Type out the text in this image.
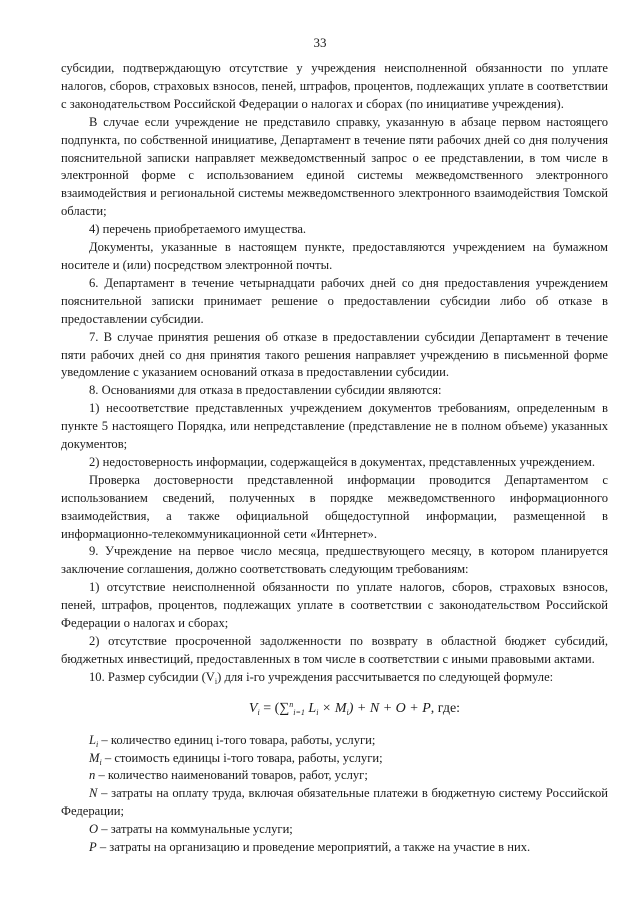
33

субсидии, подтверждающую отсутствие у учреждения неисполненной обязанности по уплате налогов, сборов, страховых взносов, пеней, штрафов, процентов, подлежащих уплате в соответствии с законодательством Российской Федерации о налогах и сборах (по инициативе учреждения).

В случае если учреждение не представило справку, указанную в абзаце первом настоящего подпункта, по собственной инициативе, Департамент в течение пяти рабочих дней со дня получения пояснительной записки направляет межведомственный запрос о ее представлении, в том числе в электронной форме с использованием единой системы межведомственного электронного взаимодействия и региональной системы межведомственного электронного взаимодействия Томской области;

4) перечень приобретаемого имущества.

Документы, указанные в настоящем пункте, предоставляются учреждением на бумажном носителе и (или) посредством электронной почты.

6. Департамент в течение четырнадцати рабочих дней со дня предоставления учреждением пояснительной записки принимает решение о предоставлении субсидии либо об отказе в предоставлении субсидии.

7. В случае принятия решения об отказе в предоставлении субсидии Департамент в течение пяти рабочих дней со дня принятия такого решения направляет учреждению в письменной форме уведомление с указанием оснований отказа в предоставлении субсидии.

8. Основаниями для отказа в предоставлении субсидии являются:

1) несоответствие представленных учреждением документов требованиям, определенным в пункте 5 настоящего Порядка, или непредставление (представление не в полном объеме) указанных документов;

2) недостоверность информации, содержащейся в документах, представленных учреждением.

Проверка достоверности представленной информации проводится Департаментом с использованием сведений, полученных в порядке межведомственного информационного взаимодействия, а также официальной общедоступной информации, размещенной в информационно-телекоммуникационной сети «Интернет».

9. Учреждение на первое число месяца, предшествующего месяцу, в котором планируется заключение соглашения, должно соответствовать следующим требованиям:

1) отсутствие неисполненной обязанности по уплате налогов, сборов, страховых взносов, пеней, штрафов, процентов, подлежащих уплате в соответствии с законодательством Российской Федерации о налогах и сборах;

2) отсутствие просроченной задолженности по возврату в областной бюджет субсидий, бюджетных инвестиций, предоставленных в том числе в соответствии с иными правовыми актами.

10. Размер субсидии $(V_i)$ для i-го учреждения рассчитывается по следующей формуле:

$V_i = (\sum^n_{i=1}$ $L_i \times M_i) + N + O + P$, где:

$L_i$ – количество единиц i-того товара, работы, услуги;

$M_i$ – стоимость единицы i-того товара, работы, услуги;

n – количество наименований товаров, работ, услуг;

N – затраты на оплату труда, включая обязательные платежи в бюджетную систему Российской Федерации;

O – затраты на коммунальные услуги;

P – затраты на организацию и проведение мероприятий, а также на участие в них.
